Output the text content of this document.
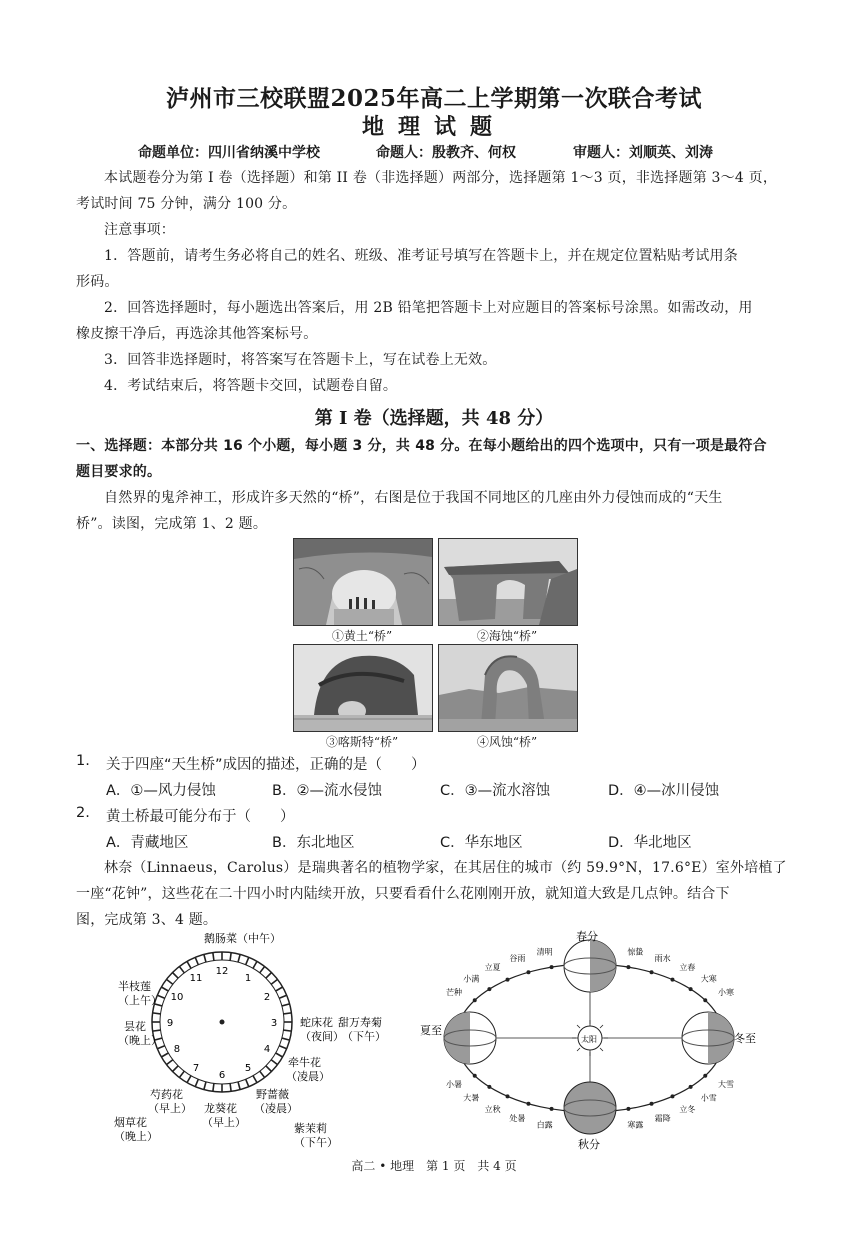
泸州市三校联盟2025年高二上学期第一次联合考试
地理试题
命题单位：四川省纳溪中学校	命题人：殷教齐、何权	审题人：刘顺英、刘涛
本试题卷分为第 I 卷（选择题）和第 II 卷（非选择题）两部分，选择题第 1～3 页，非选择题第 3～4 页，
考试时间 75 分钟，满分 100 分。
注意事项：
1．答题前，请考生务必将自己的姓名、班级、准考证号填写在答题卡上，并在规定位置粘贴考试用条
形码。
2．回答选择题时，每小题选出答案后，用 2B 铅笔把答题卡上对应题目的答案标号涂黑。如需改动，用
橡皮擦干净后，再选涂其他答案标号。
3．回答非选择题时，将答案写在答题卡上，写在试卷上无效。
4．考试结束后，将答题卡交回，试题卷自留。
第 I 卷（选择题，共 48 分）
一、选择题：本部分共 16 个小题，每小题 3 分，共 48 分。在每小题给出的四个选项中，只有一项是最符合
题目要求的。
自然界的鬼斧神工，形成许多天然的“桥”，右图是位于我国不同地区的几座由外力侵蚀而成的“天生
桥”。读图，完成第 1、2 题。
①黄土“桥”	②海蚀“桥”
③喀斯特“桥”	④风蚀“桥”
1. 关于四座“天生桥”成因的描述，正确的是（　　）
A．①—风力侵蚀	B．②—流水侵蚀	C．③—流水溶蚀	D．④—冰川侵蚀
2. 黄土桥最可能分布于（　　）
A．青藏地区	B．东北地区	C．华东地区	D．华北地区
林奈（Linnaeus，Carolus）是瑞典著名的植物学家，在其居住的城市（约 59.9°N，17.6°E）室外培植了
一座“花钟”，这些花在二十四小时内陆续开放，只要看看什么花刚刚开放，就知道大致是几点钟。结合下
图，完成第 3、4 题。
12
1
2
3
4
5
6
7
8
9
10
11
鹅肠菜（中午）
半枝莲
（上午）
昙花
（晚上）
蛇床花
（夜间）
甜万寿菊
（下午）
牵牛花
（凌晨）
芍药花
（早上） 龙葵花
（早上）
野蔷薇
（凌晨）
烟草花
（晚上）
紫茉莉
（下午）
太阳
春分
夏至
秋分
冬至
芒种
小满
立夏
谷雨
清明	惊蛰
雨水
立春
大寒
小寒
小暑
大暑
立秋
处暑
白露	寒露
霜降
立冬
小雪
大雪
高二 • 地理　第 1 页　共 4 页
